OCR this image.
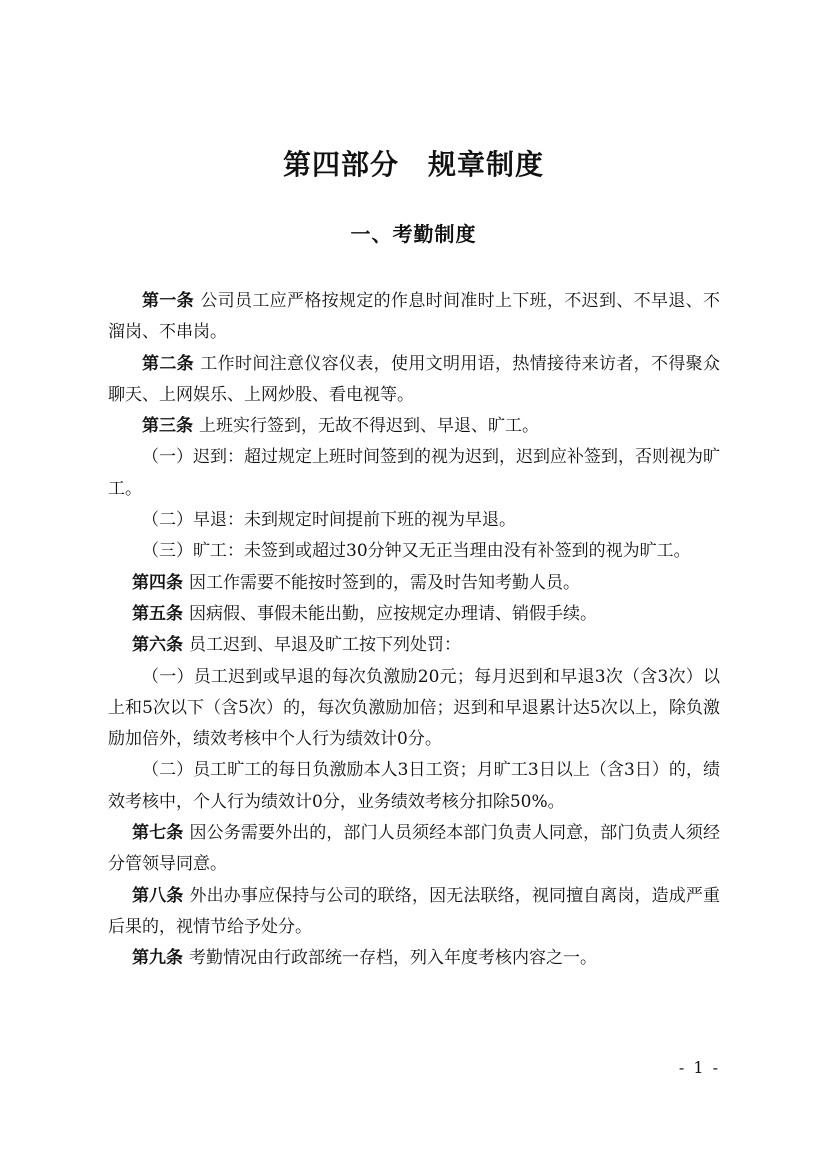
第四部分　规章制度
一、考勤制度

第一条 公司员工应严格按规定的作息时间准时上下班，不迟到、不早退、不溜岗、不串岗。

第二条 工作时间注意仪容仪表，使用文明用语，热情接待来访者，不得聚众聊天、上网娱乐、上网炒股、看电视等。

第三条 上班实行签到，无故不得迟到、早退、旷工。

（一）迟到：超过规定上班时间签到的视为迟到，迟到应补签到，否则视为旷工。

（二）早退：未到规定时间提前下班的视为早退。

（三）旷工：未签到或超过30分钟又无正当理由没有补签到的视为旷工。

第四条 因工作需要不能按时签到的，需及时告知考勤人员。

第五条 因病假、事假未能出勤，应按规定办理请、销假手续。

第六条 员工迟到、早退及旷工按下列处罚：

（一）员工迟到或早退的每次负激励20元；每月迟到和早退3次（含3次）以上和5次以下（含5次）的，每次负激励加倍；迟到和早退累计达5次以上，除负激励加倍外，绩效考核中个人行为绩效计0分。

（二）员工旷工的每日负激励本人3日工资；月旷工3日以上（含3日）的，绩效考核中，个人行为绩效计0分，业务绩效考核分扣除50%。

第七条 因公务需要外出的，部门人员须经本部门负责人同意，部门负责人须经分管领导同意。

第八条 外出办事应保持与公司的联络，因无法联络，视同擅自离岗，造成严重后果的，视情节给予处分。

第九条 考勤情况由行政部统一存档，列入年度考核内容之一。

- 1 -
